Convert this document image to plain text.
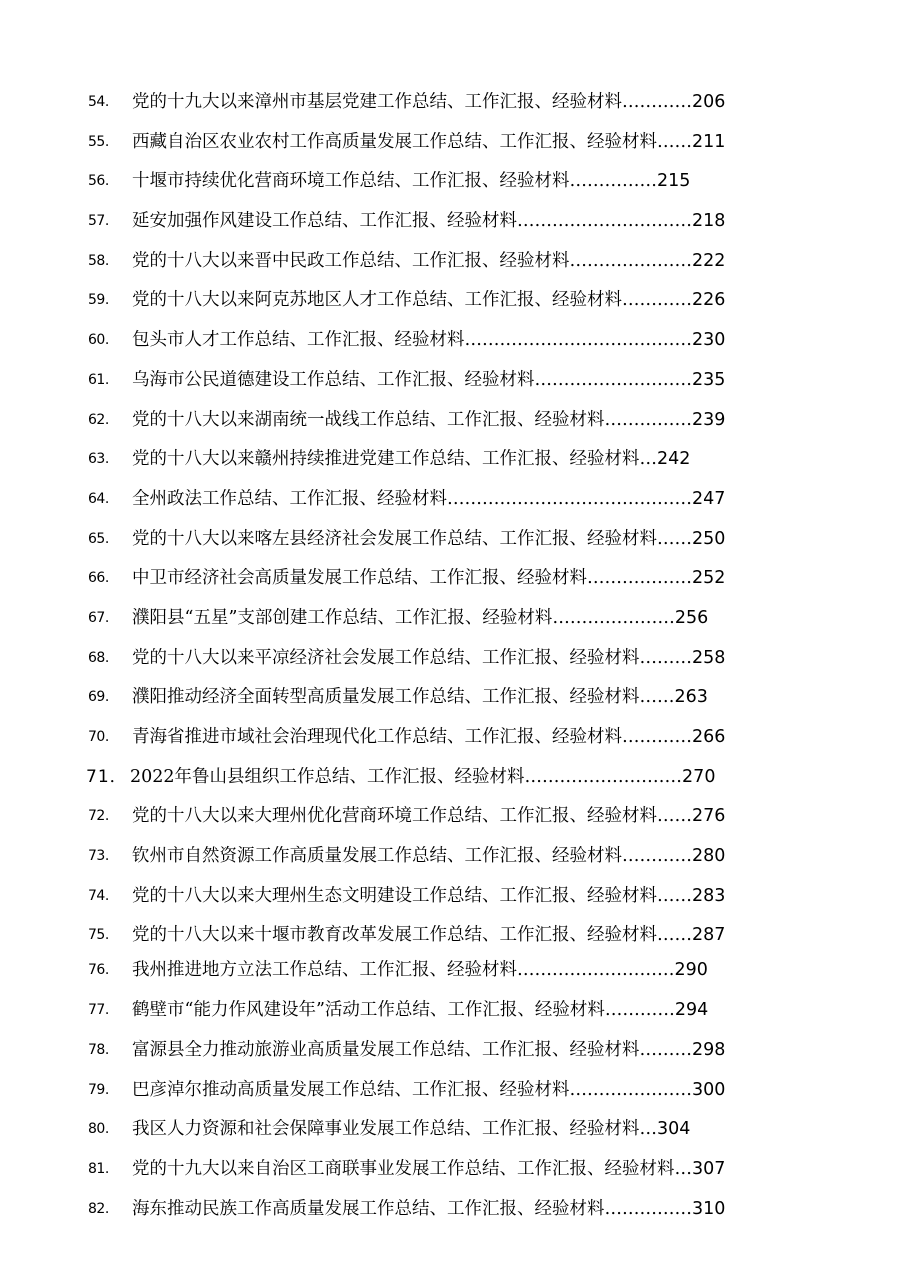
54. 党的十九大以来漳州市基层党建工作总结、工作汇报、经验材料…………206
55. 西藏自治区农业农村工作高质量发展工作总结、工作汇报、经验材料……211
56. 十堰市持续优化营商环境工作总结、工作汇报、经验材料……………215
57. 延安加强作风建设工作总结、工作汇报、经验材料…………………………218
58. 党的十八大以来晋中民政工作总结、工作汇报、经验材料…………………222
59. 党的十八大以来阿克苏地区人才工作总结、工作汇报、经验材料…………226
60. 包头市人才工作总结、工作汇报、经验材料…………………………………230
61. 乌海市公民道德建设工作总结、工作汇报、经验材料………………………235
62. 党的十八大以来湖南统一战线工作总结、工作汇报、经验材料……………239
63. 党的十八大以来赣州持续推进党建工作总结、工作汇报、经验材料…242
64. 全州政法工作总结、工作汇报、经验材料……………………………………247
65. 党的十八大以来喀左县经济社会发展工作总结、工作汇报、经验材料……250
66. 中卫市经济社会高质量发展工作总结、工作汇报、经验材料………………252
67. 濮阳县“五星”支部创建工作总结、工作汇报、经验材料…………………256
68. 党的十八大以来平凉经济社会发展工作总结、工作汇报、经验材料………258
69. 濮阳推动经济全面转型高质量发展工作总结、工作汇报、经验材料……263
70. 青海省推进市域社会治理现代化工作总结、工作汇报、经验材料…………266
71． 2022年鲁山县组织工作总结、工作汇报、经验材料………………………270
72. 党的十八大以来大理州优化营商环境工作总结、工作汇报、经验材料……276
73. 钦州市自然资源工作高质量发展工作总结、工作汇报、经验材料…………280
74. 党的十八大以来大理州生态文明建设工作总结、工作汇报、经验材料……283
75. 党的十八大以来十堰市教育改革发展工作总结、工作汇报、经验材料……287
76. 我州推进地方立法工作总结、工作汇报、经验材料………………………290
77. 鹤壁市“能力作风建设年”活动工作总结、工作汇报、经验材料…………294
78. 富源县全力推动旅游业高质量发展工作总结、工作汇报、经验材料………298
79. 巴彦淖尔推动高质量发展工作总结、工作汇报、经验材料…………………300
80. 我区人力资源和社会保障事业发展工作总结、工作汇报、经验材料…304
81. 党的十九大以来自治区工商联事业发展工作总结、工作汇报、经验材料…307
82. 海东推动民族工作高质量发展工作总结、工作汇报、经验材料……………310
